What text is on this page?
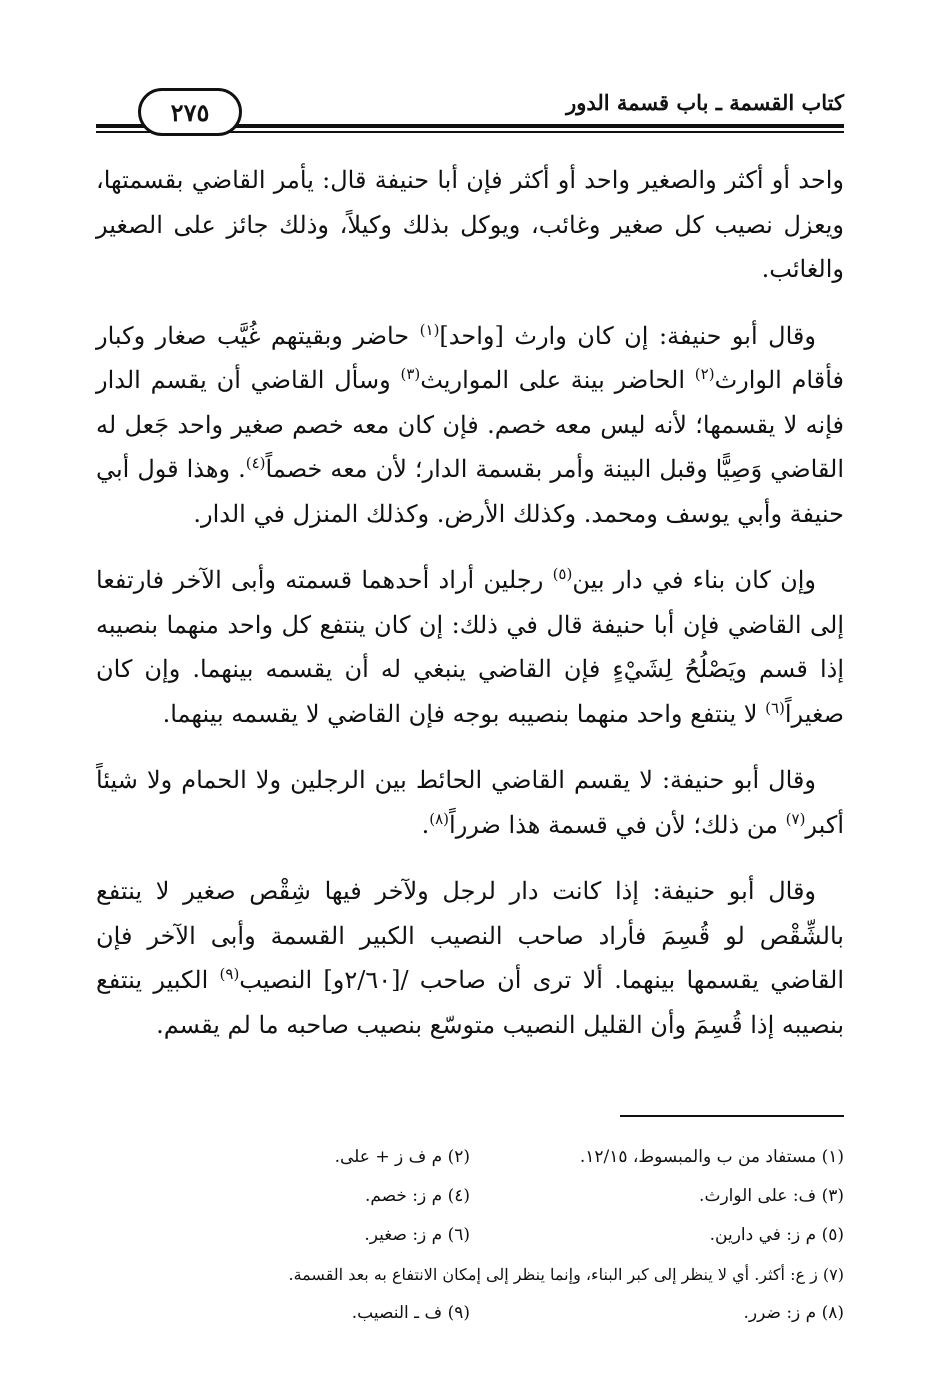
كتاب القسمة ـ باب قسمة الدور
٢٧٥

واحد أو أكثر والصغير واحد أو أكثر فإن أبا حنيفة قال: يأمر القاضي بقسمتها، ويعزل نصيب كل صغير وغائب، ويوكل بذلك وكيلاً، وذلك جائز على الصغير والغائب.

وقال أبو حنيفة: إن كان وارث [واحد]$^{(١)}$ حاضر وبقيتهم غُيَّب صغار وكبار فأقام الوارث$^{(٢)}$ الحاضر بينة على المواريث$^{(٣)}$ وسأل القاضي أن يقسم الدار فإنه لا يقسمها؛ لأنه ليس معه خصم. فإن كان معه خصم صغير واحد جَعل له القاضي وَصِيًّا وقبل البينة وأمر بقسمة الدار؛ لأن معه خصماً$^{(٤)}$. وهذا قول أبي حنيفة وأبي يوسف ومحمد. وكذلك الأرض. وكذلك المنزل في الدار.

وإن كان بناء في دار بين$^{(٥)}$ رجلين أراد أحدهما قسمته وأبى الآخر فارتفعا إلى القاضي فإن أبا حنيفة قال في ذلك: إن كان ينتفع كل واحد منهما بنصيبه إذا قسم ويَصْلُحُ لِشَيْءٍ فإن القاضي ينبغي له أن يقسمه بينهما. وإن كان صغيراً$^{(٦)}$ لا ينتفع واحد منهما بنصيبه بوجه فإن القاضي لا يقسمه بينهما.

وقال أبو حنيفة: لا يقسم القاضي الحائط بين الرجلين ولا الحمام ولا شيئاً أكبر$^{(٧)}$ من ذلك؛ لأن في قسمة هذا ضرراً$^{(٨)}$.

وقال أبو حنيفة: إذا كانت دار لرجل ولآخر فيها شِقْص صغير لا ينتفع بالشِّقْص لو قُسِمَ فأراد صاحب النصيب الكبير القسمة وأبى الآخر فإن القاضي يقسمها بينهما. ألا ترى أن صاحب /[٢/٦٠و] النصيب$^{(٩)}$ الكبير ينتفع بنصيبه إذا قُسِمَ وأن القليل النصيب متوسّع بنصيب صاحبه ما لم يقسم.

(١) مستفاد من ب والمبسوط، ١٢/١٥.
(٢) م ف ز + على.
(٣) ف: على الوارث.
(٤) م ز: خصم.
(٥) م ز: في دارين.
(٦) م ز: صغير.
(٧) ز ع: أكثر. أي لا ينظر إلى كبر البناء، وإنما ينظر إلى إمكان الانتفاع به بعد القسمة.
(٨) م ز: ضرر.
(٩) ف ـ النصيب.
